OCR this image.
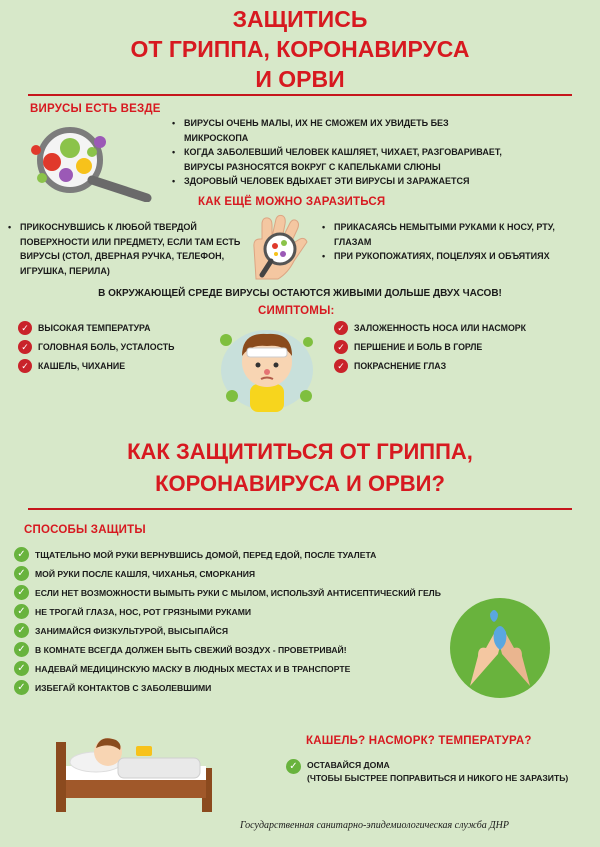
ЗАЩИТИСЬ
ОТ ГРИППА, КОРОНАВИРУСА
И ОРВИ
ВИРУСЫ ЕСТЬ ВЕЗДЕ
• ВИРУСЫ ОЧЕНЬ МАЛЫ, ИХ НЕ СМОЖЕМ ИХ УВИДЕТЬ БЕЗ МИКРОСКОПА
• КОГДА ЗАБОЛЕВШИЙ ЧЕЛОВЕК КАШЛЯЕТ, ЧИХАЕТ, РАЗГОВАРИВАЕТ, ВИРУСЫ РАЗНОСЯТСЯ ВОКРУГ С КАПЕЛЬКАМИ СЛЮНЫ
• ЗДОРОВЫЙ ЧЕЛОВЕК ВДЫХАЕТ ЭТИ ВИРУСЫ И ЗАРАЖАЕТСЯ
КАК ЕЩЁ МОЖНО ЗАРАЗИТЬСЯ
• ПРИКОСНУВШИСЬ К ЛЮБОЙ ТВЕРДОЙ ПОВЕРХНОСТИ ИЛИ ПРЕДМЕТУ, ЕСЛИ ТАМ ЕСТЬ ВИРУСЫ (СТОЛ, ДВЕРНАЯ РУЧКА, ТЕЛЕФОН, ИГРУШКА, ПЕРИЛА)
• ПРИКАСАЯСЬ НЕМЫТЫМИ РУКАМИ К НОСУ, РТУ, ГЛАЗАМ
• ПРИ РУКОПОЖАТИЯХ, ПОЦЕЛУЯХ И ОБЪЯТИЯХ
В ОКРУЖАЮЩЕЙ СРЕДЕ ВИРУСЫ ОСТАЮТСЯ ЖИВЫМИ ДОЛЬШЕ ДВУХ ЧАСОВ!
СИМПТОМЫ:
✓	ВЫСОКАЯ ТЕМПЕРАТУРА
✓	ГОЛОВНАЯ БОЛЬ, УСТАЛОСТЬ
✓	КАШЕЛЬ, ЧИХАНИЕ
✓	ЗАЛОЖЕННОСТЬ НОСА ИЛИ НАСМОРК
✓	ПЕРШЕНИЕ И БОЛЬ В ГОРЛЕ
✓	ПОКРАСНЕНИЕ ГЛАЗ
КАК ЗАЩИТИТЬСЯ ОТ ГРИППА,
КОРОНАВИРУСА И ОРВИ?
СПОСОБЫ ЗАЩИТЫ
✓	ТЩАТЕЛЬНО МОЙ РУКИ ВЕРНУВШИСЬ ДОМОЙ, ПЕРЕД ЕДОЙ, ПОСЛЕ ТУАЛЕТА
✓	МОЙ РУКИ ПОСЛЕ КАШЛЯ, ЧИХАНЬЯ, СМОРКАНИЯ
✓	ЕСЛИ НЕТ ВОЗМОЖНОСТИ ВЫМЫТЬ РУКИ С МЫЛОМ, ИСПОЛЬЗУЙ АНТИСЕПТИЧЕСКИЙ ГЕЛЬ
✓	НЕ ТРОГАЙ ГЛАЗА, НОС, РОТ ГРЯЗНЫМИ РУКАМИ
✓	ЗАНИМАЙСЯ ФИЗКУЛЬТУРОЙ, ВЫСЫПАЙСЯ
✓	В КОМНАТЕ ВСЕГДА ДОЛЖЕН БЫТЬ СВЕЖИЙ ВОЗДУХ - ПРОВЕТРИВАЙ!
✓	НАДЕВАЙ МЕДИЦИНСКУЮ МАСКУ В ЛЮДНЫХ МЕСТАХ И В ТРАНСПОРТЕ
✓	ИЗБЕГАЙ КОНТАКТОВ С ЗАБОЛЕВШИМИ
КАШЕЛЬ? НАСМОРК? ТЕМПЕРАТУРА?
✓	ОСТАВАЙСЯ ДОМА
(ЧТОБЫ БЫСТРЕЕ ПОПРАВИТЬСЯ И НИКОГО НЕ ЗАРАЗИТЬ)
Государственная санитарно-эпидемиологическая служба ДНР
